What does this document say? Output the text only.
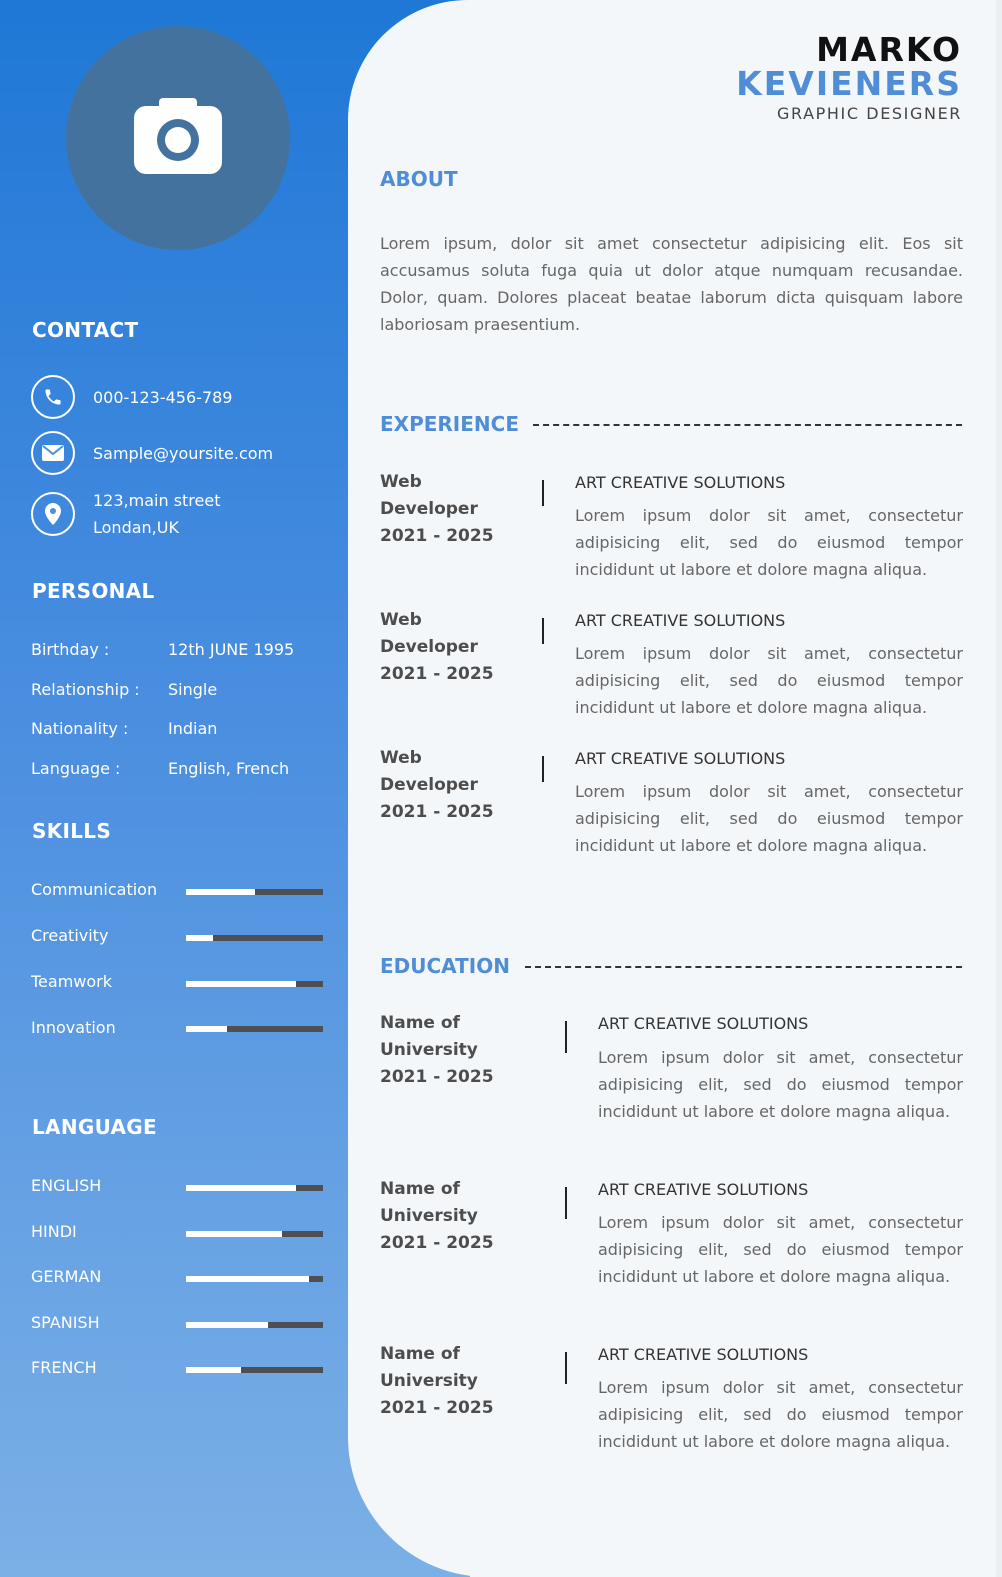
CONTACT
000-123-456-789
Sample@yoursite.com
123,main street
Londan,UK
PERSONAL
Birthday :	12th JUNE 1995
Relationship : Single
Nationality : Indian
Language :	English, French
SKILLS
Communication
Creativity
Teamwork
Innovation
LANGUAGE
ENGLISH
HINDI
GERMAN
SPANISH
FRENCH
MARKO
KEVIENERS
GRAPHIC DESIGNER
ABOUT
Lorem ipsum, dolor sit amet consectetur adipisicing elit. Eos sit accusamus soluta fuga quia ut dolor atque numquam recusandae. Dolor, quam. Dolores placeat beatae laborum dicta quisquam labore laboriosam praesentium.
EXPERIENCE
Web
Developer
2021 - 2025
ART CREATIVE SOLUTIONS
Lorem ipsum dolor sit amet, consectetur adipisicing elit, sed do eiusmod tempor incididunt ut labore et dolore magna aliqua.
Web
Developer
2021 - 2025
ART CREATIVE SOLUTIONS
Lorem ipsum dolor sit amet, consectetur adipisicing elit, sed do eiusmod tempor incididunt ut labore et dolore magna aliqua.
Web
Developer
2021 - 2025
ART CREATIVE SOLUTIONS
Lorem ipsum dolor sit amet, consectetur adipisicing elit, sed do eiusmod tempor incididunt ut labore et dolore magna aliqua.
EDUCATION
Name of
University
2021 - 2025
ART CREATIVE SOLUTIONS
Lorem ipsum dolor sit amet, consectetur adipisicing elit, sed do eiusmod tempor incididunt ut labore et dolore magna aliqua.
Name of
University
2021 - 2025
ART CREATIVE SOLUTIONS
Lorem ipsum dolor sit amet, consectetur adipisicing elit, sed do eiusmod tempor incididunt ut labore et dolore magna aliqua.
Name of
University
2021 - 2025
ART CREATIVE SOLUTIONS
Lorem ipsum dolor sit amet, consectetur adipisicing elit, sed do eiusmod tempor incididunt ut labore et dolore magna aliqua.
